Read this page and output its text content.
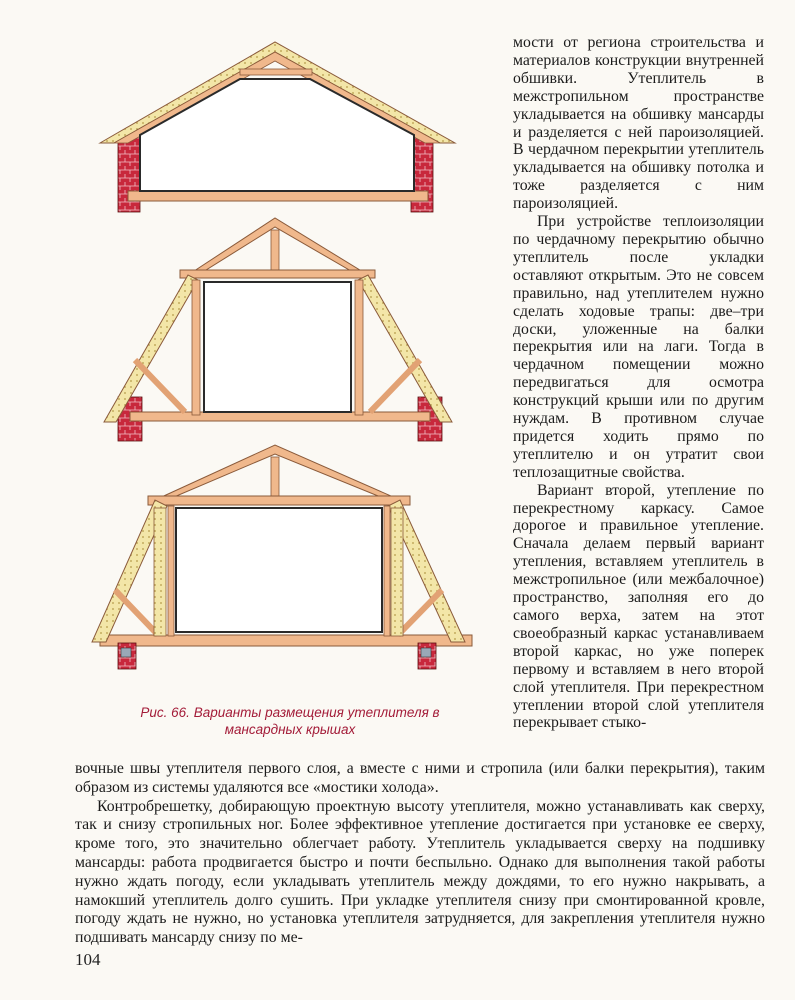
Рис. 66. Варианты размещения утеплителя в мансардных крышах

мости от региона строительства и материалов конструкции внутренней обшивки. Утеплитель в межстропильном пространстве укладывается на обшивку мансарды и разделяется с ней пароизоляцией. В чердачном перекрытии утеплитель укладывается на обшивку потолка и тоже разделяется с ним пароизоляцией.

При устройстве теплоизоляции по чердачному перекрытию обычно утеплитель после укладки оставляют открытым. Это не совсем правильно, над утеплителем нужно сделать ходовые трапы: две–три доски, уложенные на балки перекрытия или на лаги. Тогда в чердачном помещении можно передвигаться для осмотра конструкций крыши или по другим нуждам. В противном случае придется ходить прямо по утеплителю и он утратит свои теплозащитные свойства.

Вариант второй, утепление по перекрестному каркасу. Самое дорогое и правильное утепление. Сначала делаем первый вариант утепления, вставляем утеплитель в межстропильное (или межбалочное) пространство, заполняя его до самого верха, затем на этот своеобразный каркас устанавливаем второй каркас, но уже поперек первому и вставляем в него второй слой утеплителя. При перекрестном утеплении второй слой утеплителя перекрывает стыко-

вочные швы утеплителя первого слоя, а вместе с ними и стропила (или балки перекрытия), таким образом из системы удаляются все «мостики холода».

Контробрешетку, добирающую проектную высоту утеплителя, можно устанавливать как сверху, так и снизу стропильных ног. Более эффективное утепление достигается при установке ее сверху, кроме того, это значительно облегчает работу. Утеплитель укладывается сверху на подшивку мансарды: работа продвигается быстро и почти беспыльно. Однако для выполнения такой работы нужно ждать погоду, если укладывать утеплитель между дождями, то его нужно накрывать, а намокший утеплитель долго сушить. При укладке утеплителя снизу при смонтированной кровле, погоду ждать не нужно, но установка утеплителя затрудняется, для закрепления утеплителя нужно подшивать мансарду снизу по ме-

104
